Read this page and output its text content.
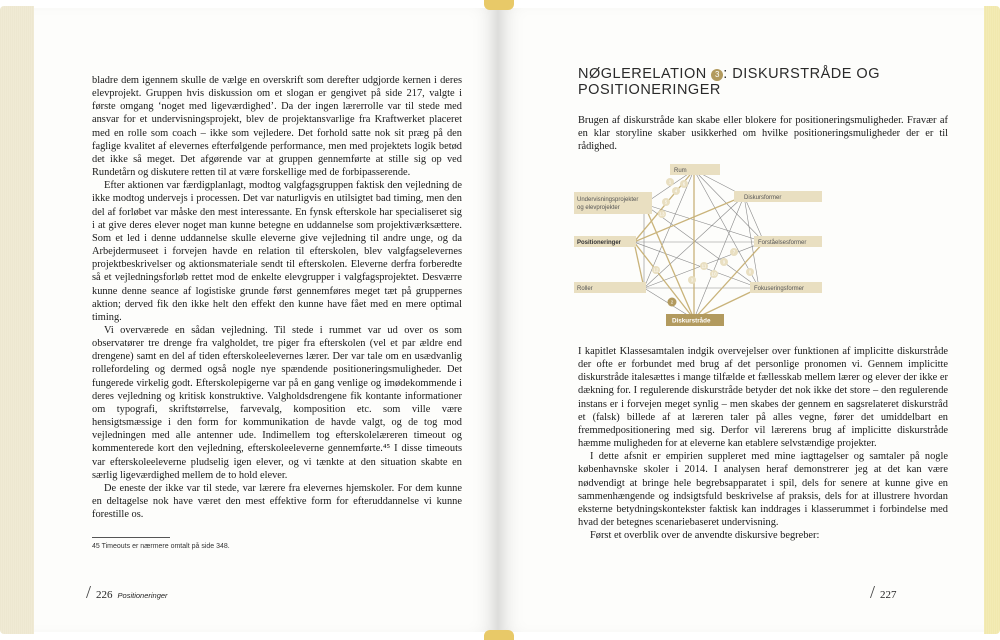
bladre dem igennem skulle de vælge en overskrift som derefter udgjorde kernen i deres elevprojekt. Gruppen hvis diskussion om et slogan er gengivet på side 217, valgte i første omgang ‘noget med ligeværdighed’. Da der ingen lærerrolle var til stede med ansvar for et undervisningsprojekt, blev de projektansvarlige fra Kraftwerket placeret med en rolle som coach – ikke som vejledere. Det forhold satte nok sit præg på den faglige kvalitet af elevernes efterfølgende performance, men med projektets logik betød det ikke så meget. Det afgørende var at gruppen gennemførte at stille sig op ved Rundetårn og diskutere retten til at være forskellige med de forbipasserende.

Efter aktionen var færdigplanlagt, modtog valgfagsgruppen faktisk den vejledning de ikke modtog undervejs i processen. Det var naturligvis en utilsigtet bad timing, men den del af forløbet var måske den mest interessante. En fynsk efterskole har specialiseret sig i at give deres elever noget man kunne betegne en uddannelse som projektiværksættere. Som et led i denne uddannelse skulle eleverne give vejledning til andre unge, og da Arbejdermuseet i forvejen havde en relation til efterskolen, blev valgfagselevernes projektbeskrivelser og aktionsmateriale sendt til efterskolen. Eleverne derfra forberedte så et vejledningsforløb rettet mod de enkelte elevgrupper i valgfagsprojektet. Desværre kunne denne seance af logistiske grunde først gennemføres meget tæt på gruppernes aktion; derved fik den ikke helt den effekt den kunne have fået med en mere optimal timing.

Vi overværede en sådan vejledning. Til stede i rummet var ud over os som observatører tre drenge fra valgholdet, tre piger fra efterskolen (vel et par ældre end drengene) samt en del af tiden efterskoleelevernes lærer. Der var tale om en usædvanlig rollefordeling og dermed også nogle nye spændende positioneringsmuligheder. Det fungerede virkelig godt. Efterskolepigerne var på en gang venlige og imødekommende i deres vejledning og kritisk konstruktive. Valgholdsdrengene fik kontante informationer om typografi, skriftstørrelse, farvevalg, komposition etc. som ville være hensigtsmæssige i den form for kommunikation de havde valgt, og de tog mod vejledningen med alle antenner ude. Indimellem tog efterskolelæreren timeout og kommenterede kort den vejledning, efterskoleeleverne gennemførte.⁴⁵ I disse timeouts var efterskoleeleverne pludselig igen elever, og vi tænkte at den situation skabte en særlig ligeværdighed mellem de to hold elever.

De eneste der ikke var til stede, var lærere fra elevernes hjemskoler. For dem kunne en deltagelse nok have været den mest effektive form for efteruddannelse vi kunne forestille os.

45 Timeouts er nærmere omtalt på side 348.
/ 226 Positioneringer
NØGLERELATION 3 : DISKURSTRÅDE OG POSITIONERINGER

Brugen af diskurstråde kan skabe eller blokere for positioneringsmuligheder. Fravær af en klar storyline skaber usikkerhed om hvilke positioneringsmuligheder der er til rådighed.

Rum
Undervisningsprojekter
og elevprojekter
Diskursformer
Positioneringer	Forståelsesformer
Roller	Fokuseringsformer
Diskurstråde
1
2
3
4
5
6
7
8
9
10
11
12
13

I kapitlet Klassesamtalen indgik overvejelser over funktionen af implicitte diskurstråde der ofte er forbundet med brug af det personlige pronomen vi. Gennem implicitte diskurstråde italesættes i mange tilfælde et fællesskab mellem lærer og elever der ikke er dækning for. I regulerende diskurstråde betyder det nok ikke det store – den regulerende instans er i forvejen meget synlig – men skabes der gennem en sagsrelateret diskurstråd et (falsk) billede af at læreren taler på alles vegne, fører det umiddelbart en fremmedpositionering med sig. Derfor vil lærerens brug af implicitte diskurstråde hæmme muligheden for at eleverne kan etablere selvstændige projekter.

I dette afsnit er empirien suppleret med mine iagttagelser og samtaler på nogle københavnske skoler i 2014. I analysen heraf demonstrerer jeg at det kan være nødvendigt at bringe hele begrebsapparatet i spil, dels for senere at kunne give en sammenhængende og indsigtsfuld beskrivelse af praksis, dels for at illustrere hvordan eksterne betydningskontekster faktisk kan inddrages i klasserummet i forbindelse med hvad der betegnes scenariebaseret undervisning.

Først et overblik over de anvendte diskursive begreber:

/ 227
